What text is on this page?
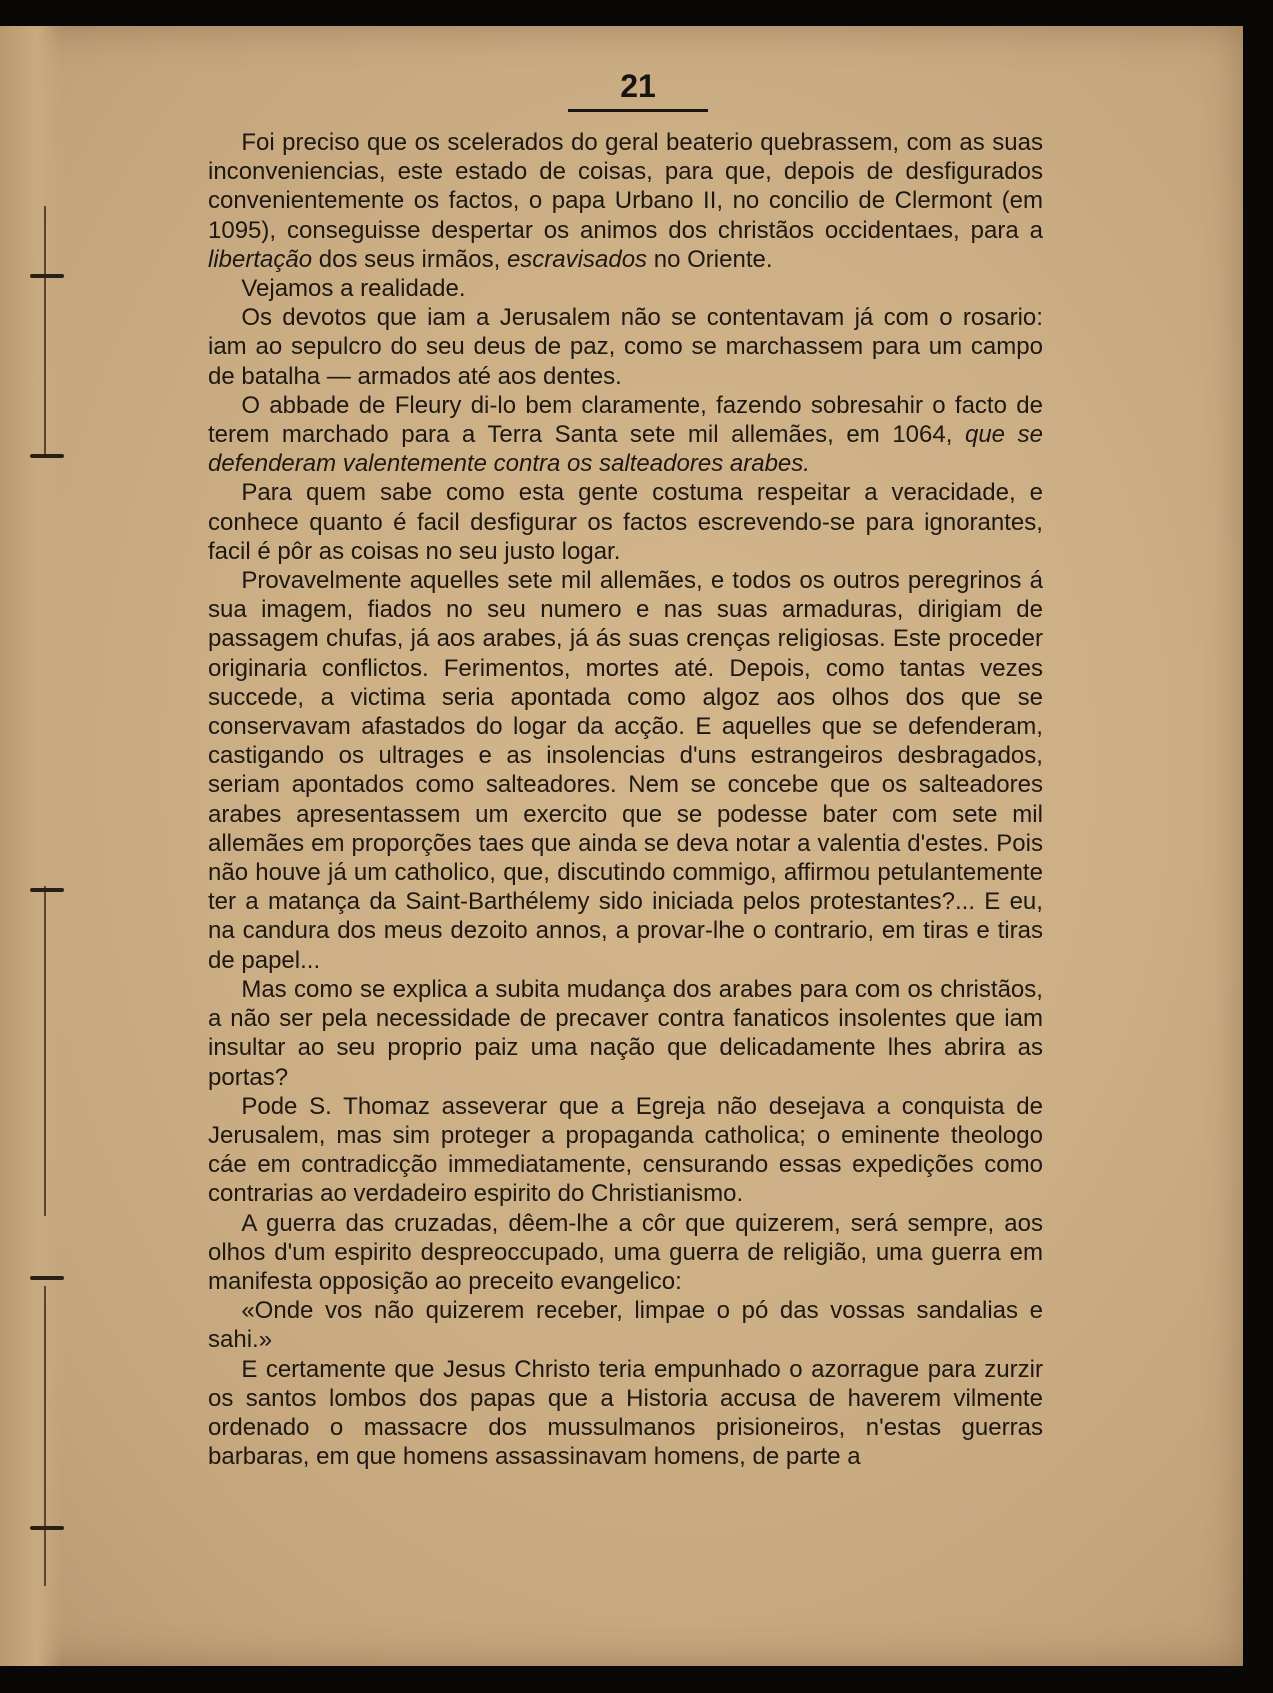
21

Foi preciso que os scelerados do geral beaterio quebrassem, com as suas inconveniencias, este estado de coisas, para que, depois de desfigurados convenientemente os factos, o papa Urbano II, no concilio de Clermont (em 1095), conseguisse despertar os animos dos christãos occidentaes, para a libertação dos seus irmãos, escravisados no Oriente.

Vejamos a realidade.

Os devotos que iam a Jerusalem não se contentavam já com o rosario: iam ao sepulcro do seu deus de paz, como se marchassem para um campo de batalha — armados até aos dentes.

O abbade de Fleury di-lo bem claramente, fazendo sobresahir o facto de terem marchado para a Terra Santa sete mil allemães, em 1064, que se defenderam valentemente contra os salteadores arabes.

Para quem sabe como esta gente costuma respeitar a veracidade, e conhece quanto é facil desfigurar os factos escrevendo-se para ignorantes, facil é pôr as coisas no seu justo logar.

Provavelmente aquelles sete mil allemães, e todos os outros peregrinos á sua imagem, fiados no seu numero e nas suas armaduras, dirigiam de passagem chufas, já aos arabes, já ás suas crenças religiosas. Este proceder originaria conflictos. Ferimentos, mortes até. Depois, como tantas vezes succede, a victima seria apontada como algoz aos olhos dos que se conservavam afastados do logar da acção. E aquelles que se defenderam, castigando os ultrages e as insolencias d'uns estrangeiros desbragados, seriam apontados como salteadores. Nem se concebe que os salteadores arabes apresentassem um exercito que se podesse bater com sete mil allemães em proporções taes que ainda se deva notar a valentia d'estes. Pois não houve já um catholico, que, discutindo commigo, affirmou petulantemente ter a matança da Saint-Barthélemy sido iniciada pelos protestantes?... E eu, na candura dos meus dezoito annos, a provar-lhe o contrario, em tiras e tiras de papel...

Mas como se explica a subita mudança dos arabes para com os christãos, a não ser pela necessidade de precaver contra fanaticos insolentes que iam insultar ao seu proprio paiz uma nação que delicadamente lhes abrira as portas?

Pode S. Thomaz asseverar que a Egreja não desejava a conquista de Jerusalem, mas sim proteger a propaganda catholica; o eminente theologo cáe em contradicção immediatamente, censurando essas expedições como contrarias ao verdadeiro espirito do Christianismo.

A guerra das cruzadas, dêem-lhe a côr que quizerem, será sempre, aos olhos d'um espirito despreoccupado, uma guerra de religião, uma guerra em manifesta opposição ao preceito evangelico:

«Onde vos não quizerem receber, limpae o pó das vossas sandalias e sahi.»

E certamente que Jesus Christo teria empunhado o azorrague para zurzir os santos lombos dos papas que a Historia accusa de haverem vilmente ordenado o massacre dos mussulmanos prisioneiros, n'estas guerras barbaras, em que homens assassinavam homens, de parte a
